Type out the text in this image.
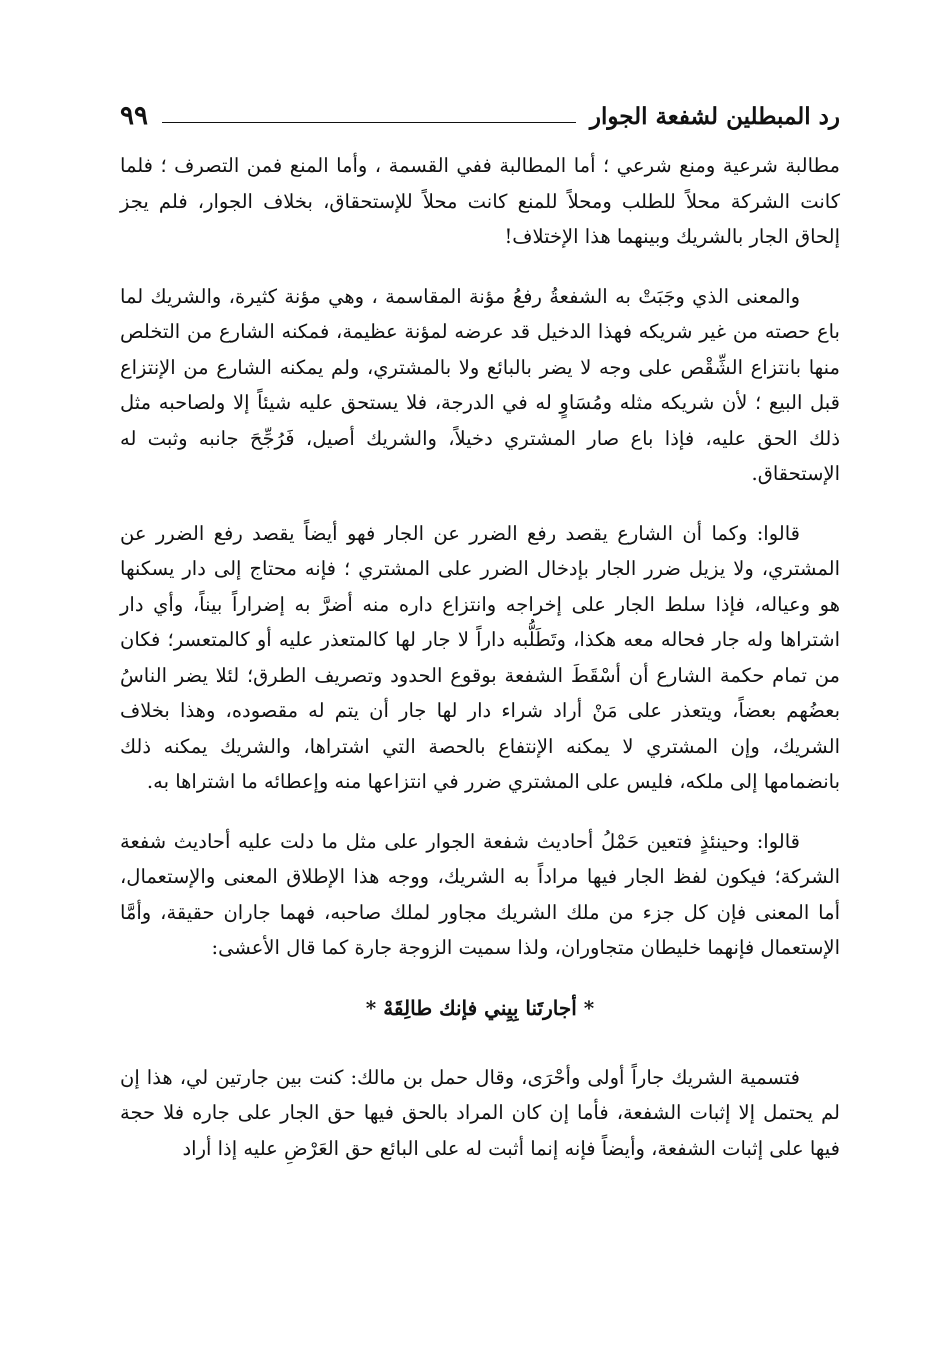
رد المبطلين لشفعة الجوار
٩٩

مطالبة شرعية ومنع شرعي ؛ أما المطالبة ففي القسمة ، وأما المنع فمن التصرف ؛ فلما كانت الشركة محلاً للطلب ومحلاً للمنع كانت محلاً للإستحقاق، بخلاف الجوار، فلم يجز إلحاق الجار بالشريك وبينهما هذا الإختلاف!

والمعنى الذي وجَبَتْ به الشفعةُ رفعُ مؤنة المقاسمة ، وهي مؤنة كثيرة، والشريك لما باع حصته من غير شريكه فهذا الدخيل قد عرضه لمؤنة عظيمة، فمكنه الشارع من التخلص منها بانتزاع الشِّقْص على وجه لا يضر بالبائع ولا بالمشتري، ولم يمكنه الشارع من الإنتزاع قبل البيع ؛ لأن شريكه مثله ومُسَاوٍ له في الدرجة، فلا يستحق عليه شيئاً إلا ولصاحبه مثل ذلك الحق عليه، فإذا باع صار المشتري دخيلاً، والشريك أصيل، فَرُجِّحَ جانبه وثبت له الإستحقاق.

قالوا: وكما أن الشارع يقصد رفع الضرر عن الجار فهو أيضاً يقصد رفع الضرر عن المشتري، ولا يزيل ضرر الجار بإدخال الضرر على المشتري ؛ فإنه محتاج إلى دار يسكنها هو وعياله، فإذا سلط الجار على إخراجه وانتزاع داره منه أضرَّ به إضراراً بيناً، وأي دار اشتراها وله جار فحاله معه هكذا، وتَطَلُّبه داراً لا جار لها كالمتعذر عليه أو كالمتعسر؛ فكان من تمام حكمة الشارع أن أسْقَطَ الشفعة بوقوع الحدود وتصريف الطرق؛ لئلا يضر الناسُ بعضُهم بعضاً، ويتعذر على مَنْ أراد شراء دار لها جار أن يتم له مقصوده، وهذا بخلاف الشريك، وإن المشتري لا يمكنه الإنتفاع بالحصة التي اشتراها، والشريك يمكنه ذلك بانضمامها إلى ملكه، فليس على المشتري ضرر في انتزاعها منه وإعطائه ما اشتراها به.

قالوا: وحينئذٍ فتعين حَمْلُ أحاديث شفعة الجوار على مثل ما دلت عليه أحاديث شفعة الشركة؛ فيكون لفظ الجار فيها مراداً به الشريك، ووجه هذا الإطلاق المعنى والإستعمال، أما المعنى فإن كل جزء من ملك الشريك مجاور لملك صاحبه، فهما جاران حقيقة، وأمَّا الإستعمال فإنهما خليطان متجاوران، ولذا سميت الزوجة جارة كما قال الأعشى:

* أجارتَنا بِيِني فإنك طالِقَهْ *

فتسمية الشريك جاراً أولى وأحْرَى، وقال حمل بن مالك: كنت بين جارتين لي، هذا إن لم يحتمل إلا إثبات الشفعة، فأما إن كان المراد بالحق فيها حق الجار على جاره فلا حجة فيها على إثبات الشفعة، وأيضاً فإنه إنما أثبت له على البائع حق العَرْضِ عليه إذا أراد
